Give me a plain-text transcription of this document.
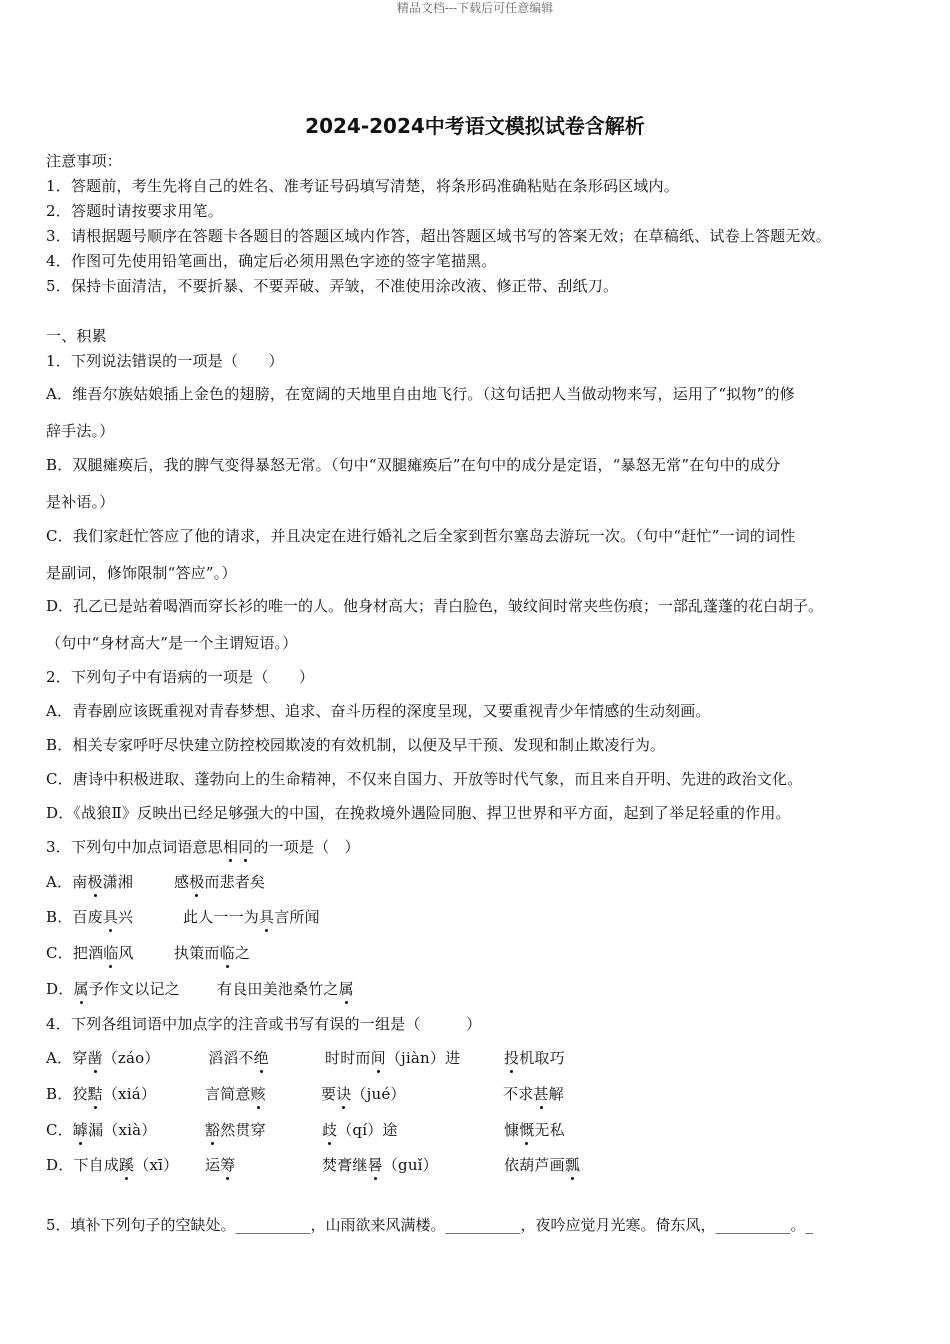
精品文档---下载后可任意编辑
2024-2024中考语文模拟试卷含解析
注意事项：
1．答题前，考生先将自己的姓名、准考证号码填写清楚，将条形码准确粘贴在条形码区域内。
2．答题时请按要求用笔。
3．请根据题号顺序在答题卡各题目的答题区域内作答，超出答题区域书写的答案无效；在草稿纸、试卷上答题无效。
4．作图可先使用铅笔画出，确定后必须用黑色字迹的签字笔描黑。
5．保持卡面清洁，不要折暴、不要弄破、弄皱，不准使用涂改液、修正带、刮纸刀。
一、积累
1．下列说法错误的一项是（　　）
A．维吾尔族姑娘插上金色的翅膀，在宽阔的天地里自由地飞行。（这句话把人当做动物来写，运用了“拟物”的修
辞手法。）
B．双腿瘫痪后，我的脾气变得暴怒无常。（句中“双腿瘫痪后”在句中的成分是定语，“暴怒无常”在句中的成分
是补语。）
C．我们家赶忙答应了他的请求，并且决定在进行婚礼之后全家到哲尔塞岛去游玩一次。（句中“赶忙”一词的词性
是副词，修饰限制“答应”。）
D．孔乙已是站着喝酒而穿长衫的唯一的人。他身材高大；青白脸色，皱纹间时常夹些伤痕；一部乱蓬蓬的花白胡子。
（句中“身材高大”是一个主谓短语。）
2．下列句子中有语病的一项是（　　）
A．青春剧应该既重视对青春梦想、追求、奋斗历程的深度呈现，又要重视青少年情感的生动刻画。
B．相关专家呼吁尽快建立防控校园欺凌的有效机制，以便及早干预、发现和制止欺凌行为。
C．唐诗中积极进取、蓬勃向上的生命精神，不仅来自国力、开放等时代气象，而且来自开明、先进的政治文化。
D．《战狼Ⅱ》反映出已经足够强大的中国，在挽救境外遇险同胞、捍卫世界和平方面，起到了举足轻重的作用。
3．下列句中加点词语意思相同的一项是（　）
A．南极潇湘	感极而悲者矣
B．百废具兴	此人一一为具言所闻
C．把酒临风	执策而临之
D．属予作文以记之 有良田美池桑竹之属
4．下列各组词语中加点字的注音或书写有误的一组是（　　　）
A．穿凿（záo）	滔滔不绝	时时而间（jiàn）进	投机取巧
B．狡黠（xiá）	言简意赅	要诀（jué）	不求甚解
C．罅漏（xià）	豁然贯穿	歧（qí）途	慷慨无私
D．下自成蹊（xī） 运筹	焚膏继晷（guǐ）	依葫芦画瓢
5．填补下列句子的空缺处。__________，山雨欲来风满楼。__________，夜吟应觉月光寒。倚东风，__________。_
